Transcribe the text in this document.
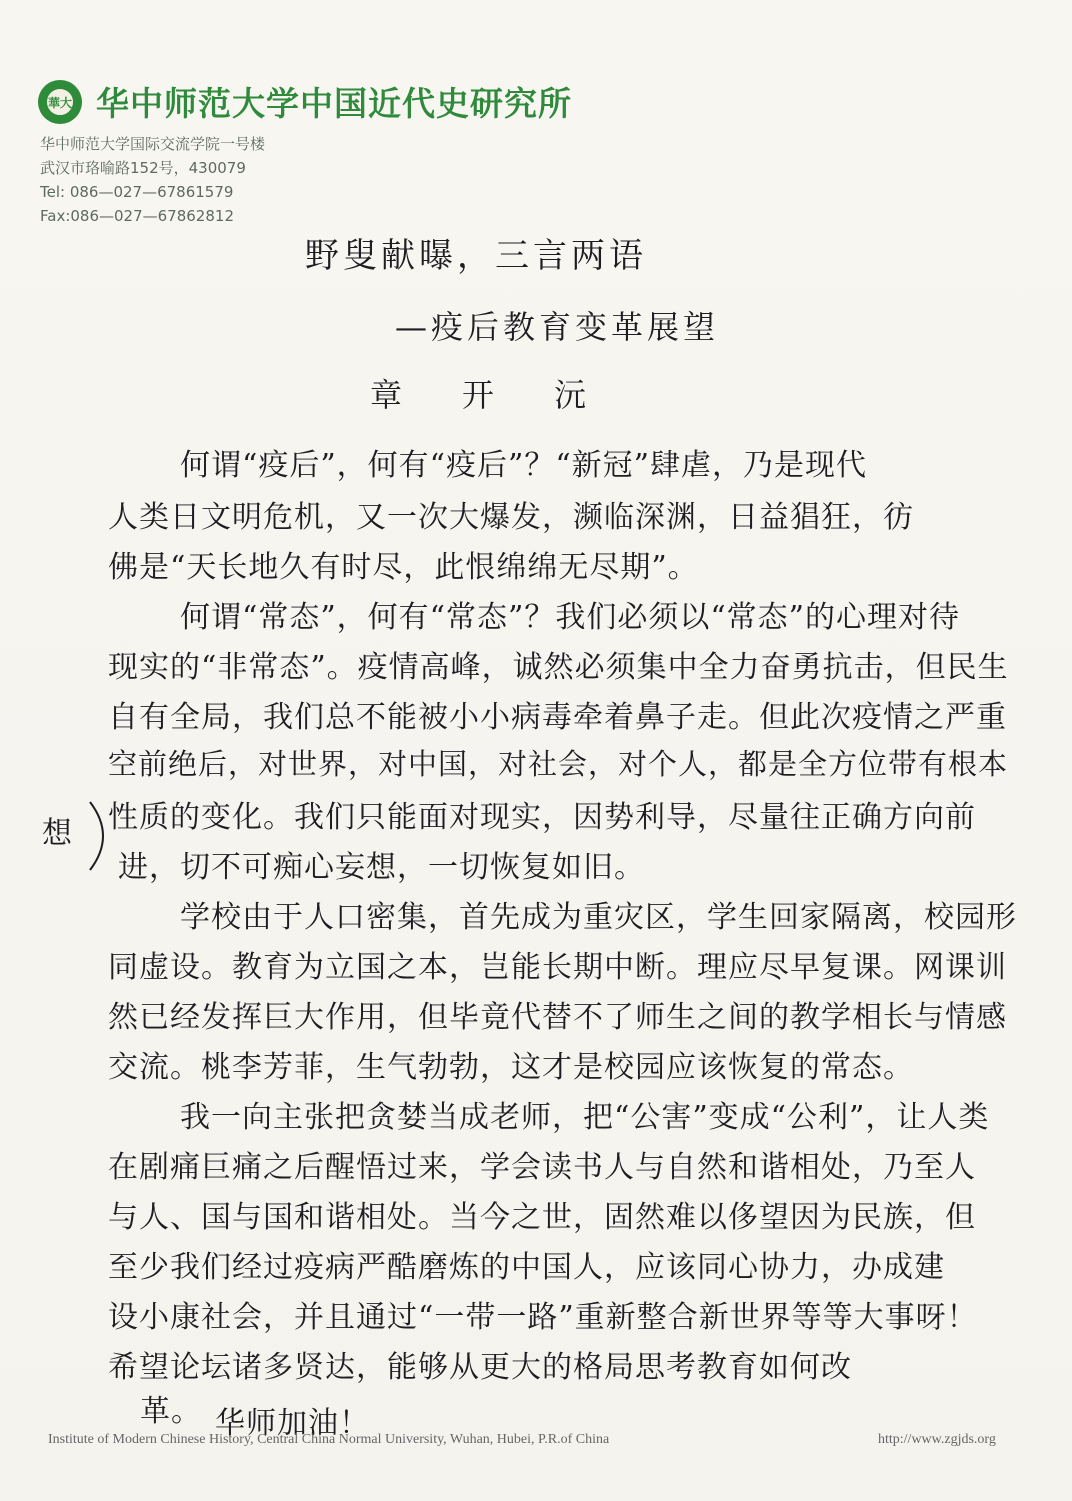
華大 华中师范大学中国近代史研究所
华中师范大学国际交流学院一号楼
武汉市珞喻路152号，430079
Tel: 086—027—67861579
Fax:086—027—67862812
野叟献曝，三言两语
—疫后教育变革展望
章开沅
何谓“疫后”，何有“疫后”？“新冠”肆虐，乃是现代
人类日文明危机，又一次大爆发，濒临深渊，日益猖狂，彷
佛是“天长地久有时尽，此恨绵绵无尽期”。
何谓“常态”，何有“常态”？我们必须以“常态”的心理对待
现实的“非常态”。疫情高峰，诚然必须集中全力奋勇抗击，但民生
自有全局，我们总不能被小小病毒牵着鼻子走。但此次疫情之严重
空前绝后，对世界，对中国，对社会，对个人，都是全方位带有根本
性质的变化。我们只能面对现实，因势利导，尽量往正确方向前
进，切不可痴心妄想，一切恢复如旧。
想
学校由于人口密集，首先成为重灾区，学生回家隔离，校园形
同虚设。教育为立国之本，岂能长期中断。理应尽早复课。网课训
然已经发挥巨大作用，但毕竟代替不了师生之间的教学相长与情感
交流。桃李芳菲，生气勃勃，这才是校园应该恢复的常态。
我一向主张把贪婪当成老师，把“公害”变成“公利”，让人类
在剧痛巨痛之后醒悟过来，学会读书人与自然和谐相处，乃至人
与人、国与国和谐相处。当今之世，固然难以侈望因为民族，但
至少我们经过疫病严酷磨炼的中国人，应该同心协力，办成建
设小康社会，并且通过“一带一路”重新整合新世界等等大事呀！
希望论坛诸多贤达，能够从更大的格局思考教育如何改
革。 华师加油！
Institute of Modern Chinese History, Central China Normal University, Wuhan, Hubei, P.R.of China	http://www.zgjds.org
